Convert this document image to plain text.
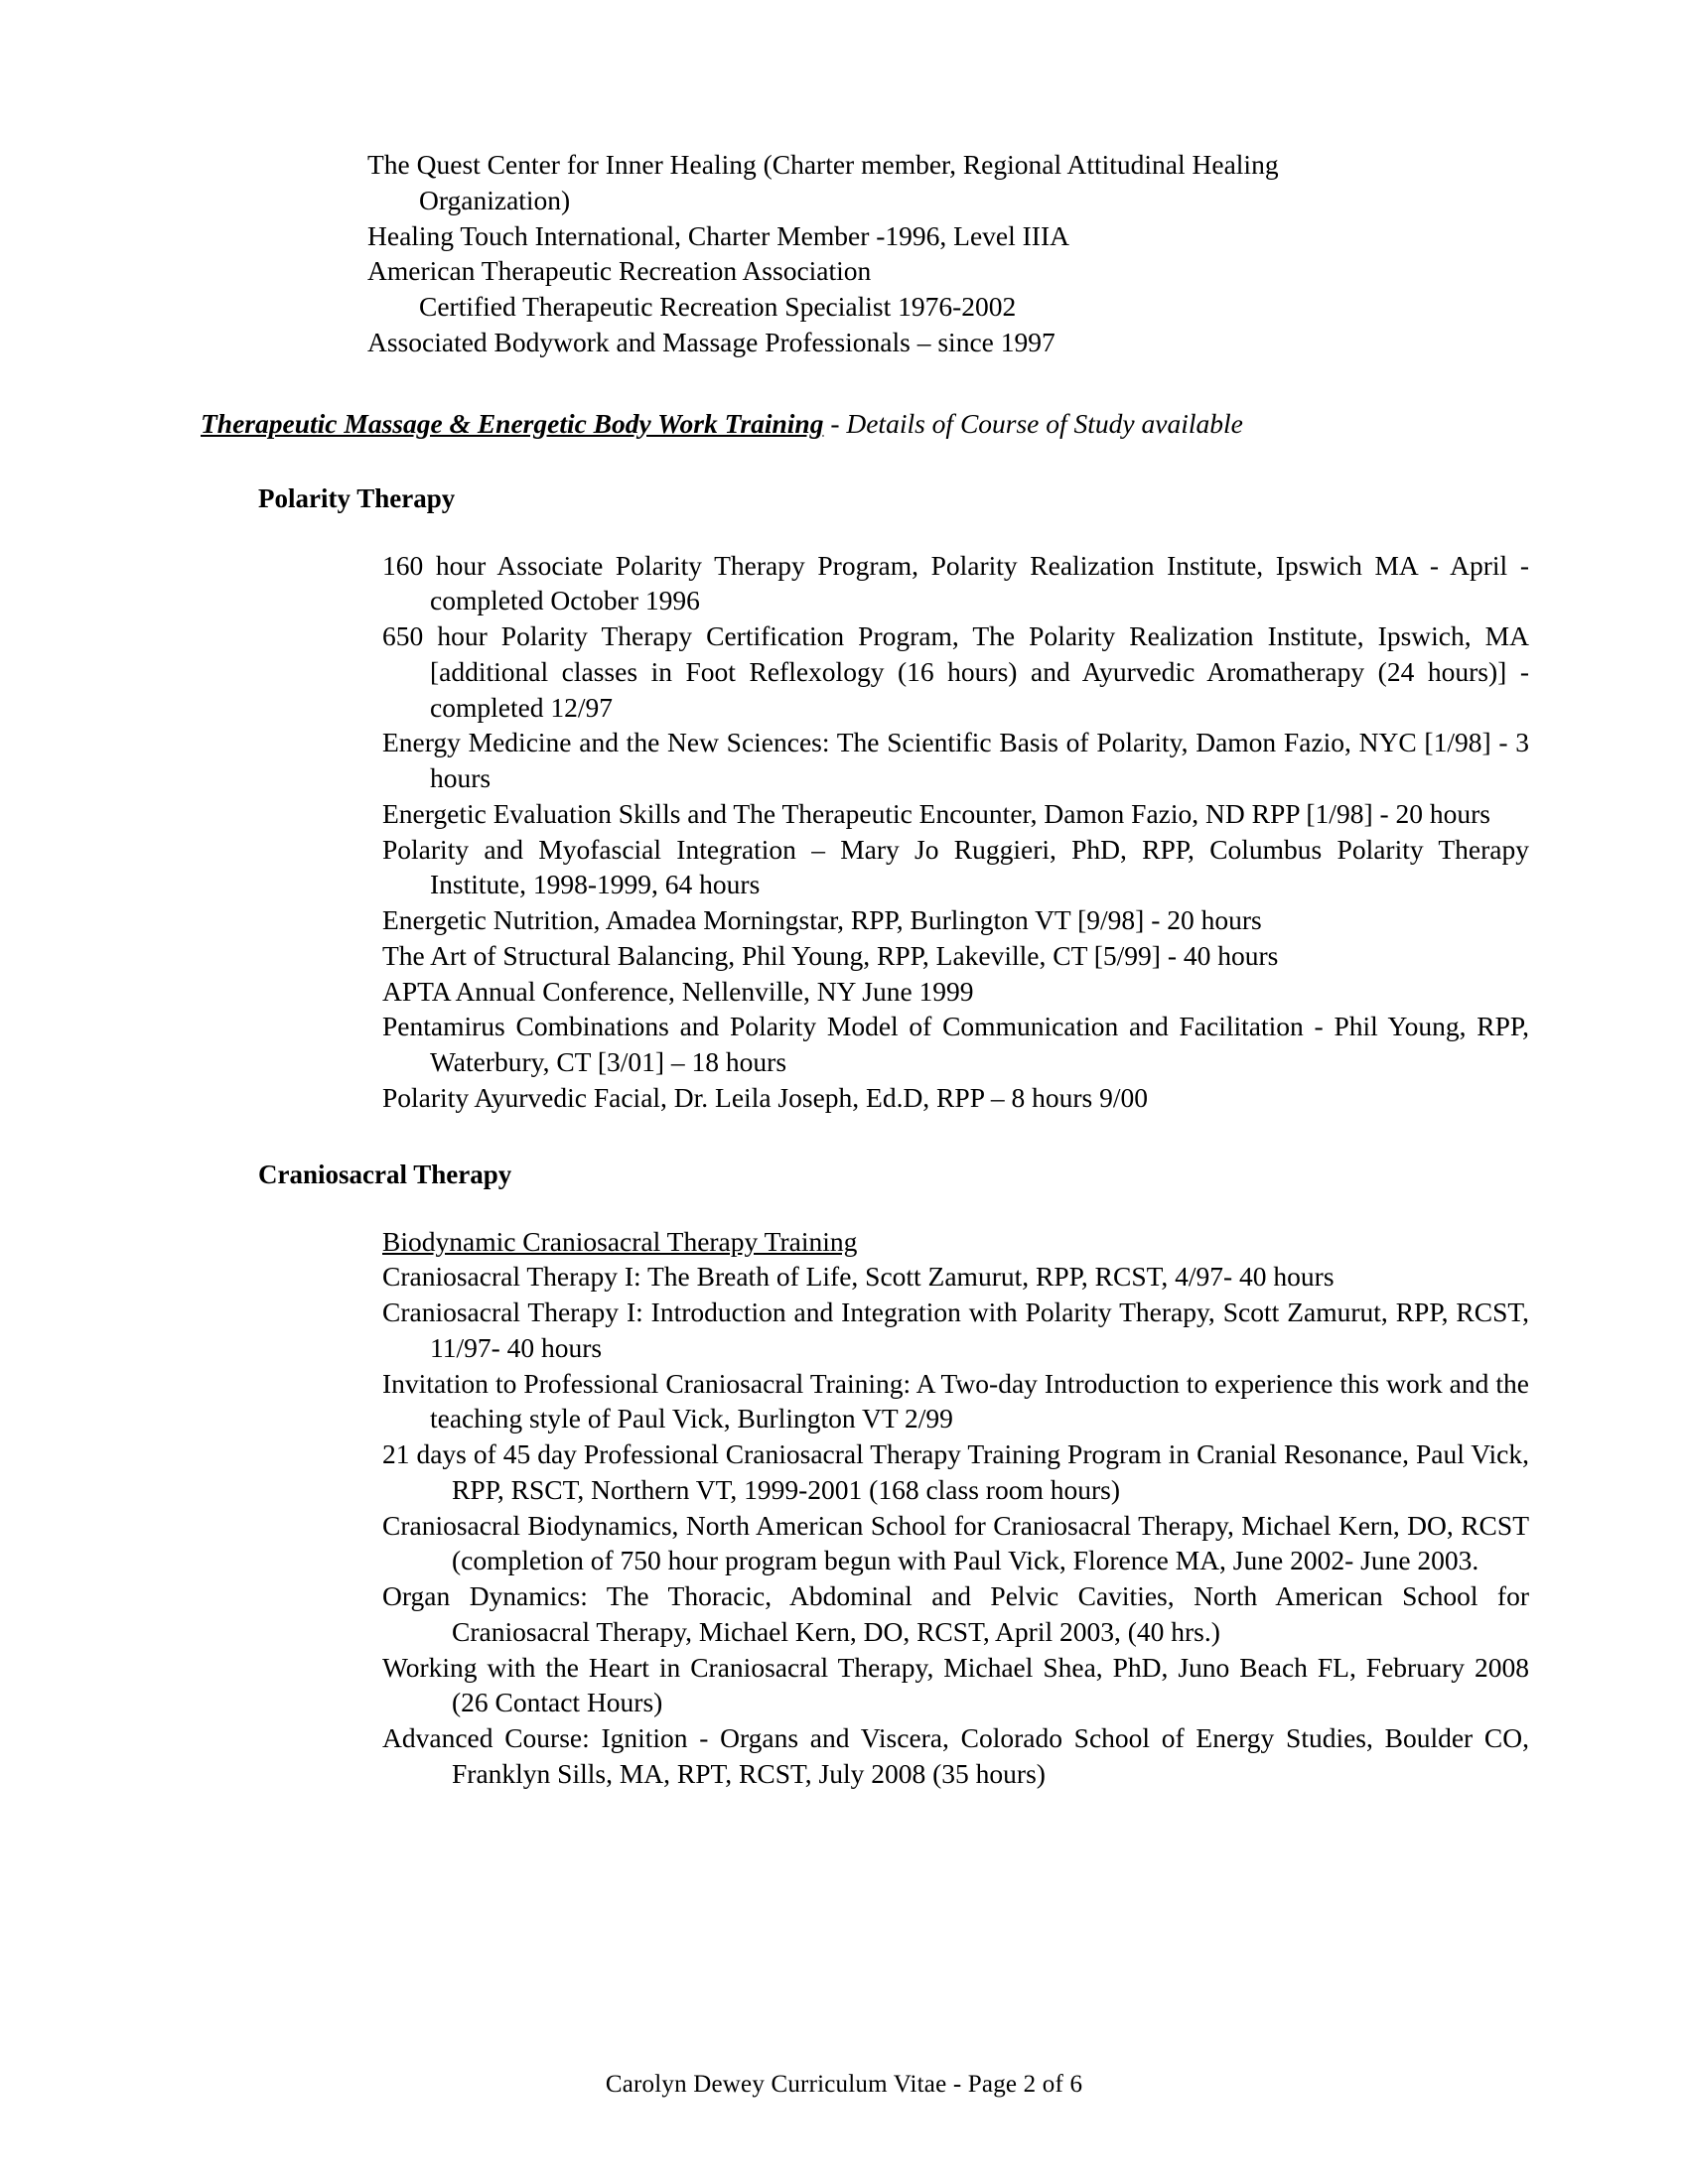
The Quest Center for Inner Healing (Charter member, Regional Attitudinal Healing
Organization)
Healing Touch International, Charter Member -1996, Level IIIA
American Therapeutic Recreation Association
Certified Therapeutic Recreation Specialist 1976-2002
Associated Bodywork and Massage Professionals – since 1997
Therapeutic Massage & Energetic Body Work Training - Details of Course of Study available
Polarity Therapy
160 hour Associate Polarity Therapy Program, Polarity Realization Institute, Ipswich MA - April - completed October 1996
650 hour Polarity Therapy Certification Program, The Polarity Realization Institute, Ipswich, MA [additional classes in Foot Reflexology (16 hours) and Ayurvedic Aromatherapy (24 hours)] - completed 12/97
Energy Medicine and the New Sciences: The Scientific Basis of Polarity, Damon Fazio, NYC [1/98] - 3 hours
Energetic Evaluation Skills and The Therapeutic Encounter, Damon Fazio, ND RPP [1/98] - 20 hours
Polarity and Myofascial Integration – Mary Jo Ruggieri, PhD, RPP, Columbus Polarity Therapy Institute, 1998-1999, 64 hours
Energetic Nutrition, Amadea Morningstar, RPP, Burlington VT [9/98] - 20 hours
The Art of Structural Balancing, Phil Young, RPP, Lakeville, CT [5/99] - 40 hours
APTA Annual Conference, Nellenville, NY June 1999
Pentamirus Combinations and Polarity Model of Communication and Facilitation - Phil Young, RPP, Waterbury, CT [3/01] – 18 hours
Polarity Ayurvedic Facial, Dr. Leila Joseph, Ed.D, RPP – 8 hours 9/00
Craniosacral Therapy
Biodynamic Craniosacral Therapy Training
Craniosacral Therapy I: The Breath of Life, Scott Zamurut, RPP, RCST, 4/97- 40 hours
Craniosacral Therapy I: Introduction and Integration with Polarity Therapy, Scott Zamurut, RPP, RCST, 11/97- 40 hours
Invitation to Professional Craniosacral Training: A Two-day Introduction to experience this work and the teaching style of Paul Vick, Burlington VT 2/99
21 days of 45 day Professional Craniosacral Therapy Training Program in Cranial Resonance, Paul Vick, RPP, RSCT, Northern VT, 1999-2001 (168 class room hours)
Craniosacral Biodynamics, North American School for Craniosacral Therapy, Michael Kern, DO, RCST (completion of 750 hour program begun with Paul Vick, Florence MA, June 2002- June 2003.
Organ Dynamics: The Thoracic, Abdominal and Pelvic Cavities, North American School for Craniosacral Therapy, Michael Kern, DO, RCST, April 2003, (40 hrs.)
Working with the Heart in Craniosacral Therapy, Michael Shea, PhD, Juno Beach FL, February 2008 (26 Contact Hours)
Advanced Course: Ignition - Organs and Viscera, Colorado School of Energy Studies, Boulder CO, Franklyn Sills, MA, RPT, RCST, July 2008 (35 hours)
Carolyn Dewey Curriculum Vitae - Page 2 of 6
